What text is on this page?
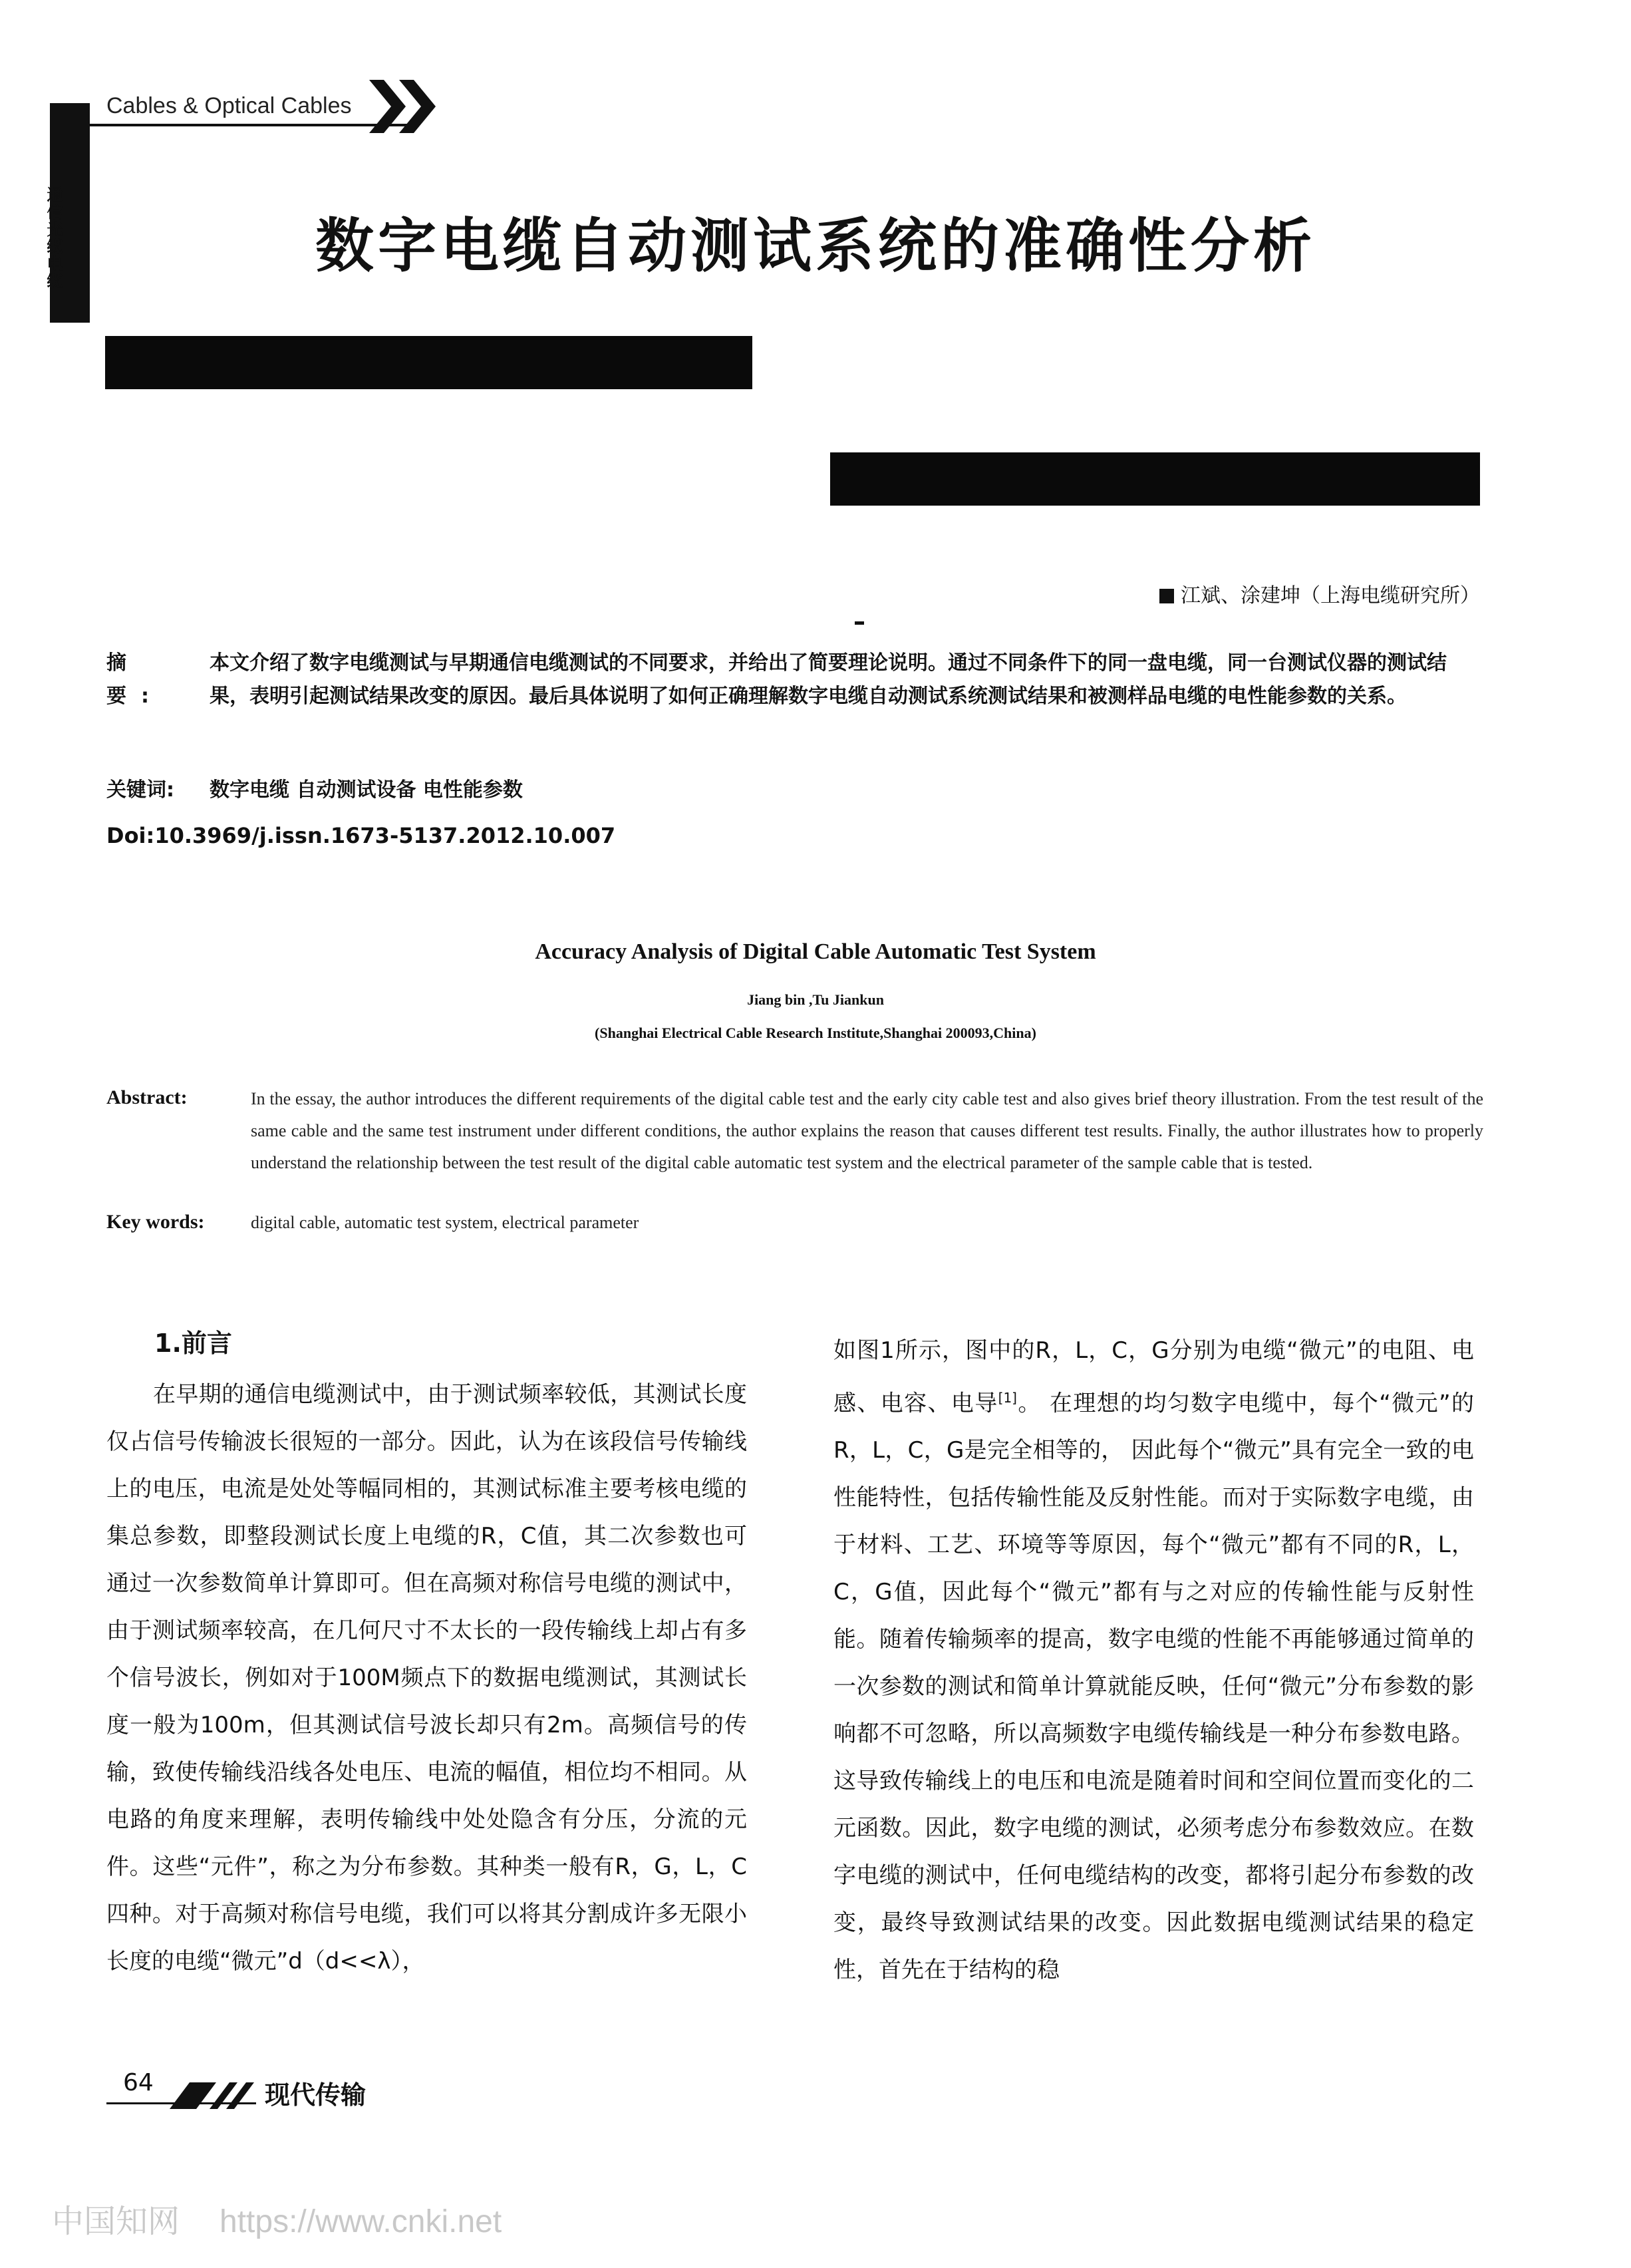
Cables & Optical Cables
通信光缆电缆	数字电缆自动测试系统的准确性分析
江斌、涂建坤（上海电缆研究所）
摘 要:
本文介绍了数字电缆测试与早期通信电缆测试的不同要求，并给出了简要理论说明。通过不同条件下的同一盘电缆，同一台测试仪器的测试结果，表明引起测试结果改变的原因。最后具体说明了如何正确理解数字电缆自动测试系统测试结果和被测样品电缆的电性能参数的关系。
关键词: 数字电缆 自动测试设备 电性能参数
Doi:10.3969/j.issn.1673-5137.2012.10.007
Accuracy Analysis of Digital Cable Automatic Test System
Jiang bin ,Tu Jiankun
(Shanghai Electrical Cable Research Institute,Shanghai 200093,China)
Abstract:	In the essay, the author introduces the different requirements of the digital cable test and the early city cable test and also gives brief theory illustration. From the test result of the same cable and the same test instrument under different conditions, the author explains the reason that causes different test results. Finally, the author illustrates how to properly understand the relationship between the test result of the digital cable automatic test system and the electrical parameter of the sample cable that is tested.
Key words:	digital cable, automatic test system, electrical parameter
1.前言

在早期的通信电缆测试中，由于测试频率较低，其测试长度仅占信号传输波长很短的一部分。因此，认为在该段信号传输线上的电压，电流是处处等幅同相的，其测试标准主要考核电缆的集总参数，即整段测试长度上电缆的R，C值，其二次参数也可通过一次参数简单计算即可。但在高频对称信号电缆的测试中，由于测试频率较高，在几何尺寸不太长的一段传输线上却占有多个信号波长，例如对于100M频点下的数据电缆测试，其测试长度一般为100m，但其测试信号波长却只有2m。高频信号的传输，致使传输线沿线各处电压、电流的幅值，相位均不相同。从电路的角度来理解，表明传输线中处处隐含有分压，分流的元件。这些“元件”，称之为分布参数。其种类一般有R，G，L，C四种。对于高频对称信号电缆，我们可以将其分割成许多无限小长度的电缆“微元”d（d<<λ），

如图1所示，图中的R，L，C，G分别为电缆“微元”的电阻、电感、电容、电导[1]。 在理想的均匀数字电缆中，每个“微元”的R，L，C，G是完全相等的， 因此每个“微元”具有完全一致的电性能特性，包括传输性能及反射性能。而对于实际数字电缆，由于材料、工艺、环境等等原因，每个“微元”都有不同的R，L，C，G值，因此每个“微元”都有与之对应的传输性能与反射性能。随着传输频率的提高，数字电缆的性能不再能够通过简单的一次参数的测试和简单计算就能反映，任何“微元”分布参数的影响都不可忽略，所以高频数字电缆传输线是一种分布参数电路。这导致传输线上的电压和电流是随着时间和空间位置而变化的二元函数。因此，数字电缆的测试，必须考虑分布参数效应。在数字电缆的测试中，任何电缆结构的改变，都将引起分布参数的改变，最终导致测试结果的改变。因此数据电缆测试结果的稳定性，首先在于结构的稳

64	现代传输
中国知网 https://www.cnki.net
